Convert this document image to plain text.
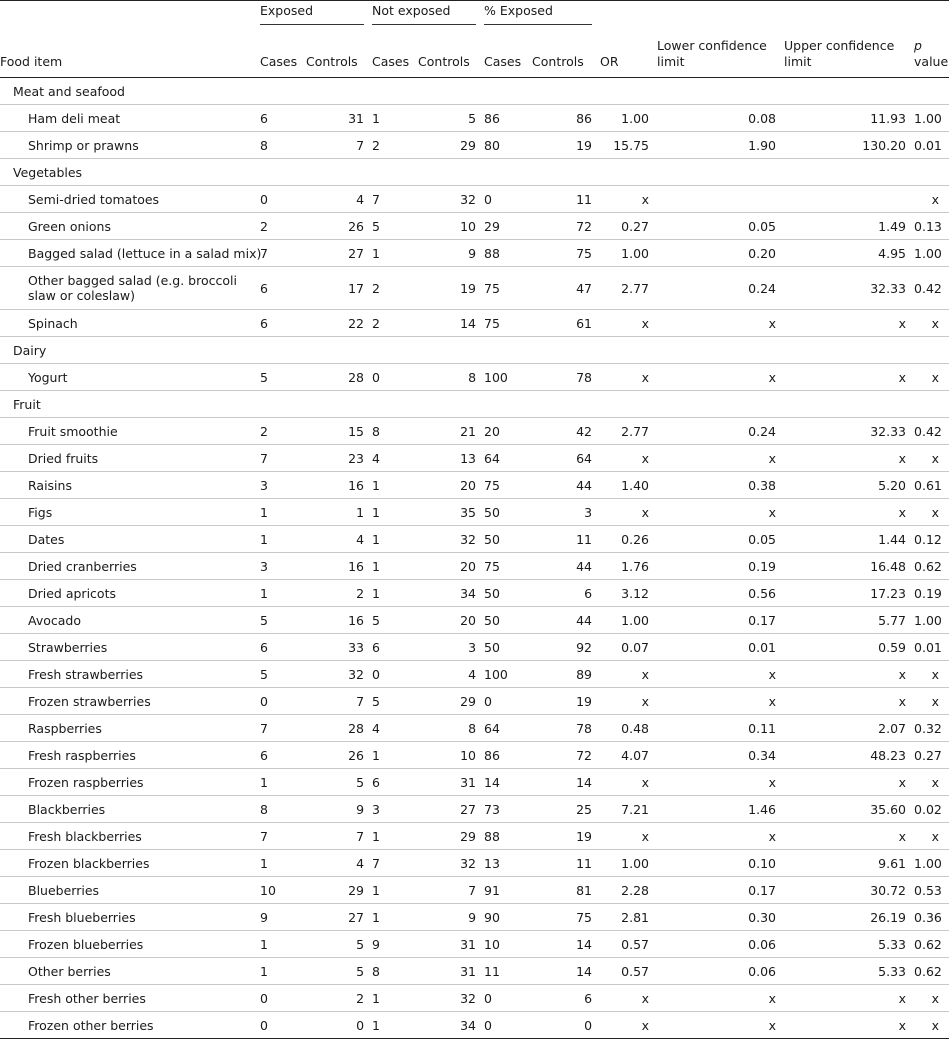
	Exposed		Not exposed		% Exposed					

Food item	Cases	Controls	Cases	Controls	Cases	Controls	OR	Lower confidence limit	Upper confidence limit	p
value
Meat and seafood										

Ham deli meat	6	31	1	5	86	86	1.00	0.08	11.93	1.00

Shrimp or prawns	8	7	2	29	80	19	15.75	1.90	130.20	0.01
Vegetables										

Semi-dried tomatoes	0	4	7	32	0	11	x			x

Green onions	2	26	5	10	29	72	0.27	0.05	1.49	0.13

Bagged salad (lettuce in a salad mix)	7	27	1	9	88	75	1.00	0.20	4.95	1.00

Other bagged salad (e.g. broccoli slaw or coleslaw)	6	17	2	19	75	47	2.77	0.24	32.33	0.42

Spinach	6	22	2	14	75	61	x	x	x	x
Dairy										

Yogurt	5	28	0	8	100	78	x	x	x	x
Fruit										

Fruit smoothie	2	15	8	21	20	42	2.77	0.24	32.33	0.42

Dried fruits	7	23	4	13	64	64	x	x	x	x

Raisins	3	16	1	20	75	44	1.40	0.38	5.20	0.61

Figs	1	1	1	35	50	3	x	x	x	x

Dates	1	4	1	32	50	11	0.26	0.05	1.44	0.12

Dried cranberries	3	16	1	20	75	44	1.76	0.19	16.48	0.62

Dried apricots	1	2	1	34	50	6	3.12	0.56	17.23	0.19

Avocado	5	16	5	20	50	44	1.00	0.17	5.77	1.00

Strawberries	6	33	6	3	50	92	0.07	0.01	0.59	0.01

Fresh strawberries	5	32	0	4	100	89	x	x	x	x

Frozen strawberries	0	7	5	29	0	19	x	x	x	x

Raspberries	7	28	4	8	64	78	0.48	0.11	2.07	0.32

Fresh raspberries	6	26	1	10	86	72	4.07	0.34	48.23	0.27

Frozen raspberries	1	5	6	31	14	14	x	x	x	x

Blackberries	8	9	3	27	73	25	7.21	1.46	35.60	0.02

Fresh blackberries	7	7	1	29	88	19	x	x	x	x

Frozen blackberries	1	4	7	32	13	11	1.00	0.10	9.61	1.00

Blueberries	10	29	1	7	91	81	2.28	0.17	30.72	0.53

Fresh blueberries	9	27	1	9	90	75	2.81	0.30	26.19	0.36

Frozen blueberries	1	5	9	31	10	14	0.57	0.06	5.33	0.62

Other berries	1	5	8	31	11	14	0.57	0.06	5.33	0.62

Fresh other berries	0	2	1	32	0	6	x	x	x	x

Frozen other berries	0	0	1	34	0	0	x	x	x	x
